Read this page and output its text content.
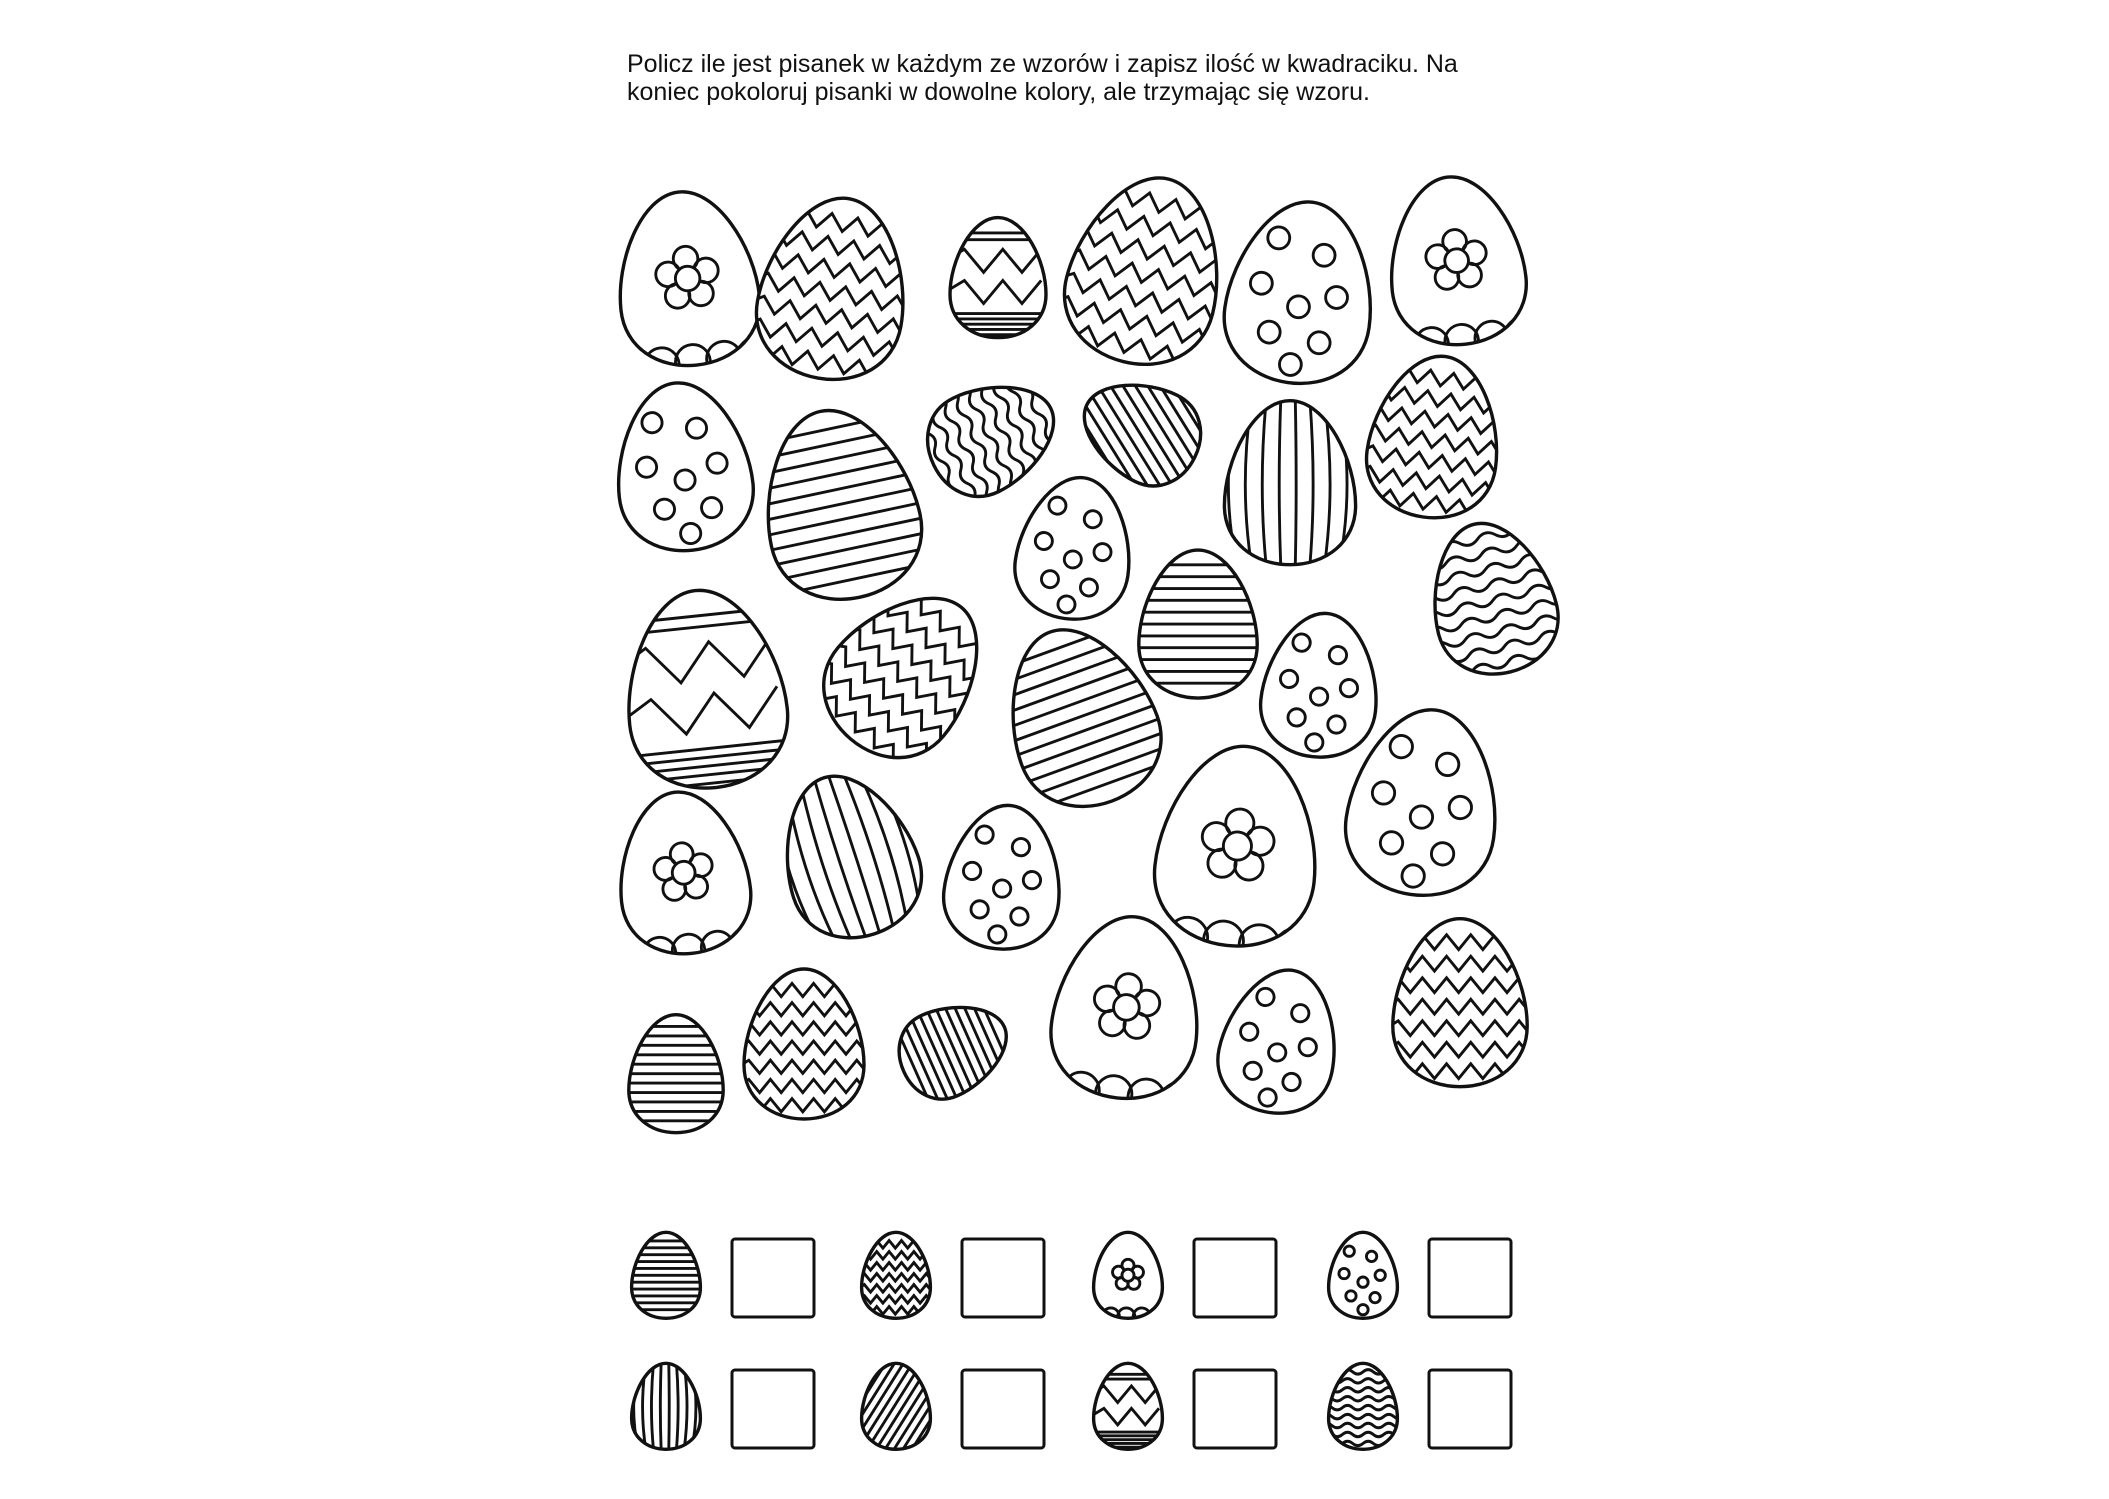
Policz ile jest pisanek w każdym ze wzorów i zapisz ilość w kwadraciku. Na koniec pokoloruj pisanki w dowolne kolory, ale trzymając się wzoru.
